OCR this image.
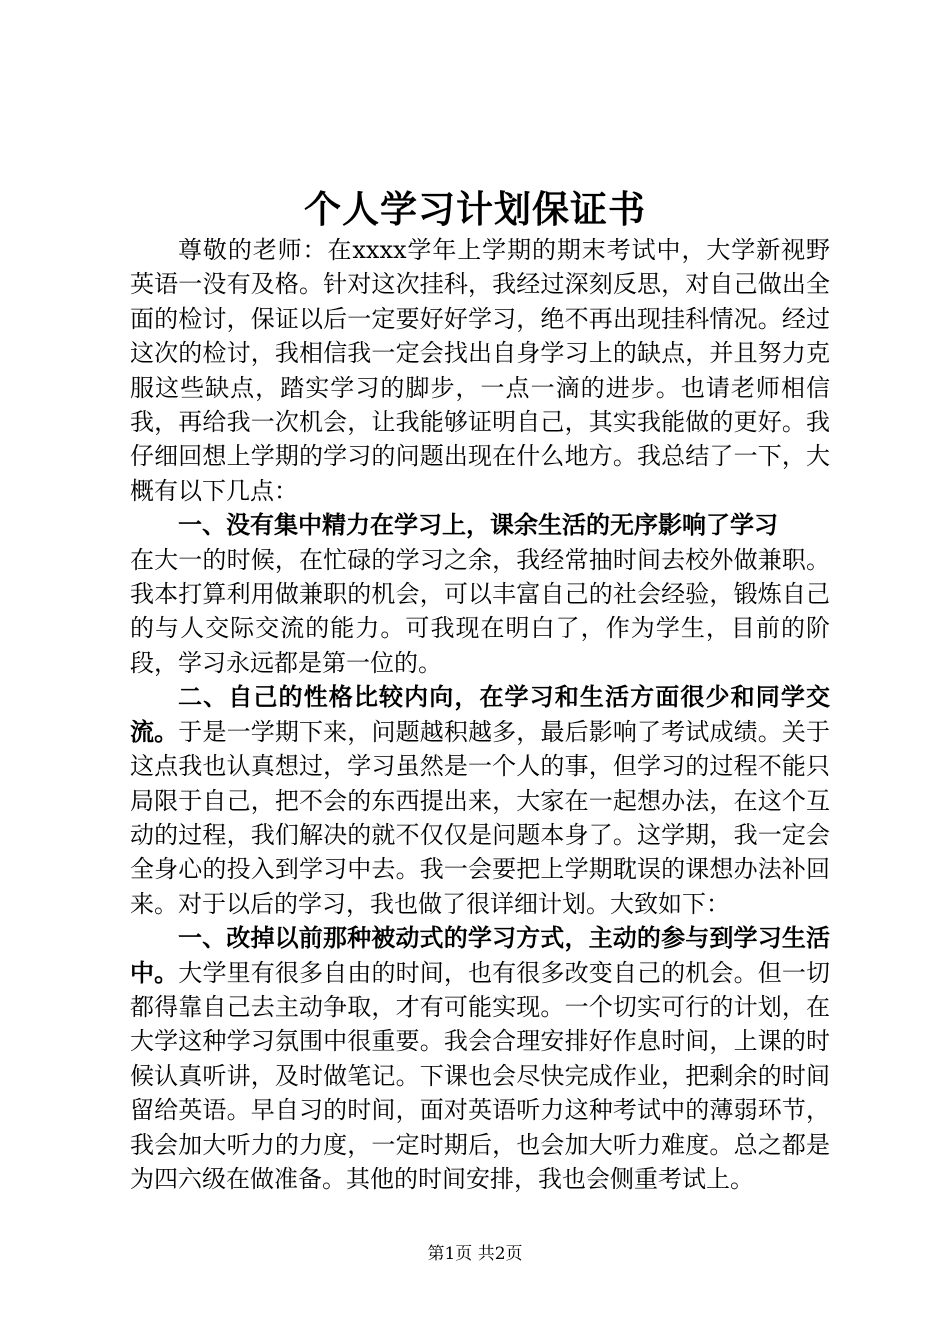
个人学习计划保证书

尊敬的老师：在xxxx学年上学期的期末考试中，大学新视野英语一没有及格。针对这次挂科，我经过深刻反思，对自己做出全面的检讨，保证以后一定要好好学习，绝不再出现挂科情况。经过这次的检讨，我相信我一定会找出自身学习上的缺点，并且努力克服这些缺点，踏实学习的脚步，一点一滴的进步。也请老师相信我，再给我一次机会，让我能够证明自己，其实我能做的更好。我仔细回想上学期的学习的问题出现在什么地方。我总结了一下，大概有以下几点：

一、没有集中精力在学习上，课余生活的无序影响了学习

在大一的时候，在忙碌的学习之余，我经常抽时间去校外做兼职。我本打算利用做兼职的机会，可以丰富自己的社会经验，锻炼自己的与人交际交流的能力。可我现在明白了，作为学生，目前的阶段，学习永远都是第一位的。

二、自己的性格比较内向，在学习和生活方面很少和同学交流。于是一学期下来，问题越积越多，最后影响了考试成绩。关于这点我也认真想过，学习虽然是一个人的事，但学习的过程不能只局限于自己，把不会的东西提出来，大家在一起想办法，在这个互动的过程，我们解决的就不仅仅是问题本身了。这学期，我一定会全身心的投入到学习中去。我一会要把上学期耽误的课想办法补回来。对于以后的学习，我也做了很详细计划。大致如下：

一、改掉以前那种被动式的学习方式，主动的参与到学习生活中。大学里有很多自由的时间，也有很多改变自己的机会。但一切都得靠自己去主动争取，才有可能实现。一个切实可行的计划，在大学这种学习氛围中很重要。我会合理安排好作息时间，上课的时候认真听讲，及时做笔记。下课也会尽快完成作业，把剩余的时间留给英语。早自习的时间，面对英语听力这种考试中的薄弱环节，我会加大听力的力度，一定时期后，也会加大听力难度。总之都是为四六级在做准备。其他的时间安排，我也会侧重考试上。

第1页 共2页
